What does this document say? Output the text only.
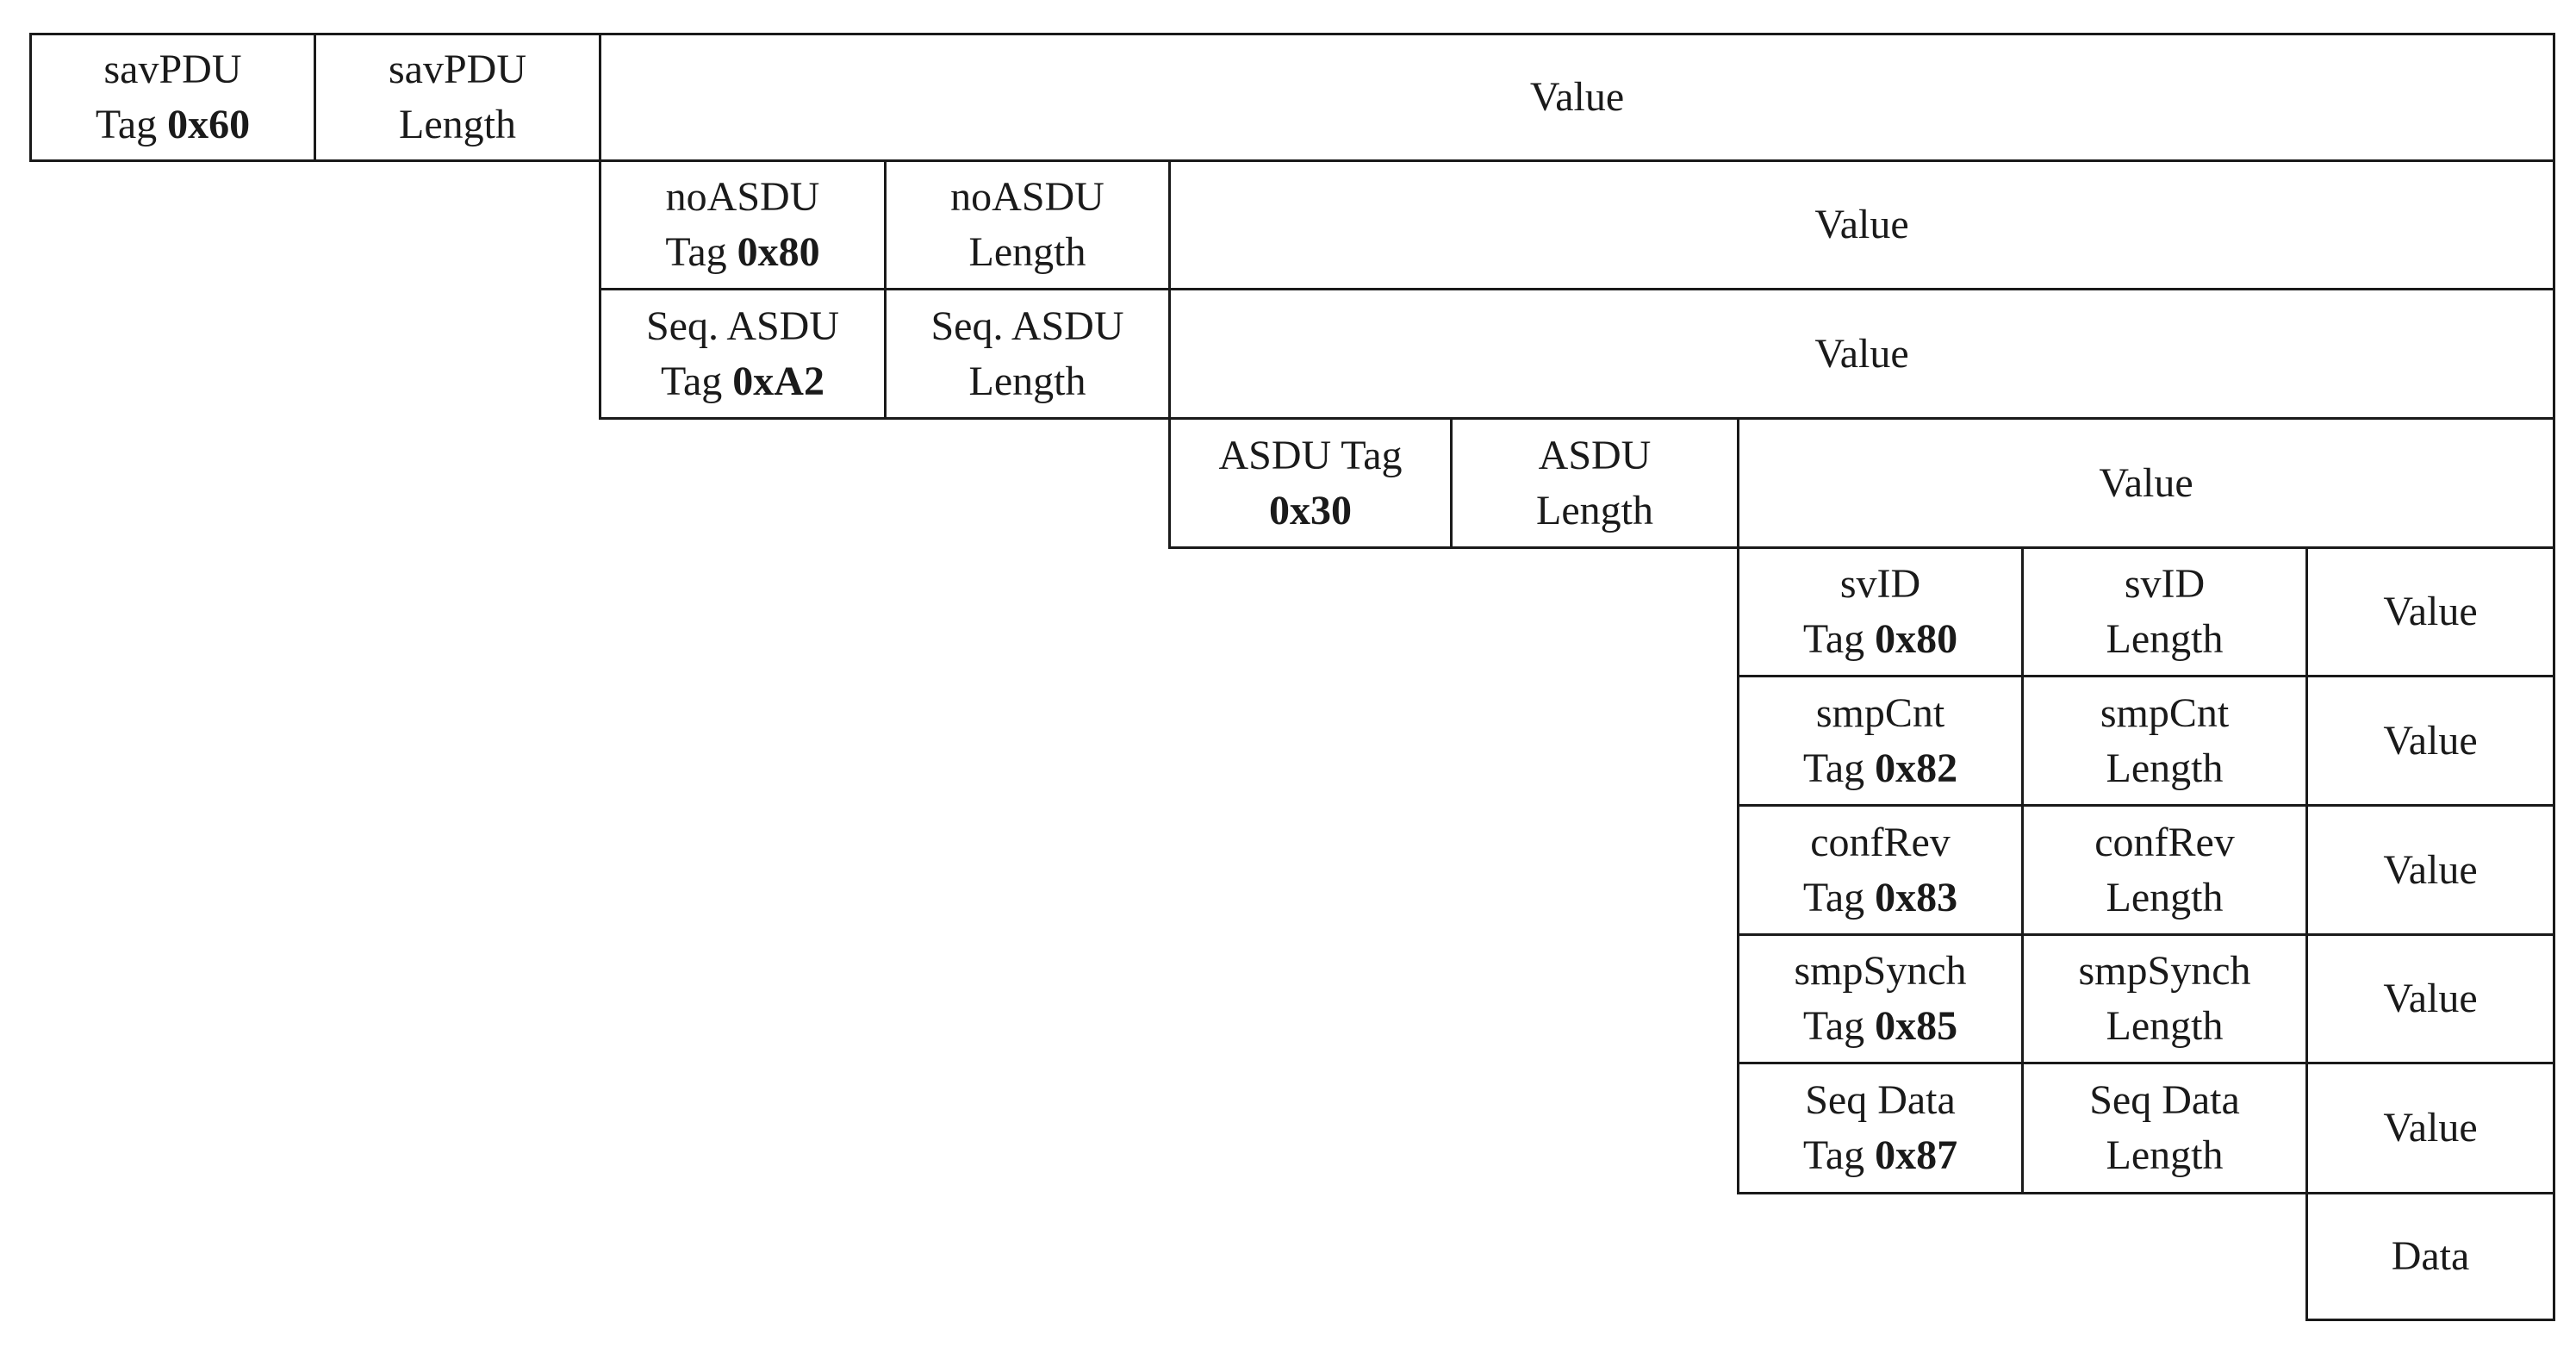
savPDU
Tag 0x60
savPDU
Length
Value
noASDU
Tag 0x80
noASDU
Length
Value
Seq. ASDU
Tag 0xA2
Seq. ASDU
Length
Value
ASDU Tag
0x30
ASDU
Length
Value
svID
Tag 0x80
svID
Length
Value
smpCnt
Tag 0x82
smpCnt
Length
Value
confRev
Tag 0x83
confRev
Length
Value
smpSynch
Tag 0x85
smpSynch
Length
Value
Seq Data
Tag 0x87
Seq Data
Length
Value
Data
